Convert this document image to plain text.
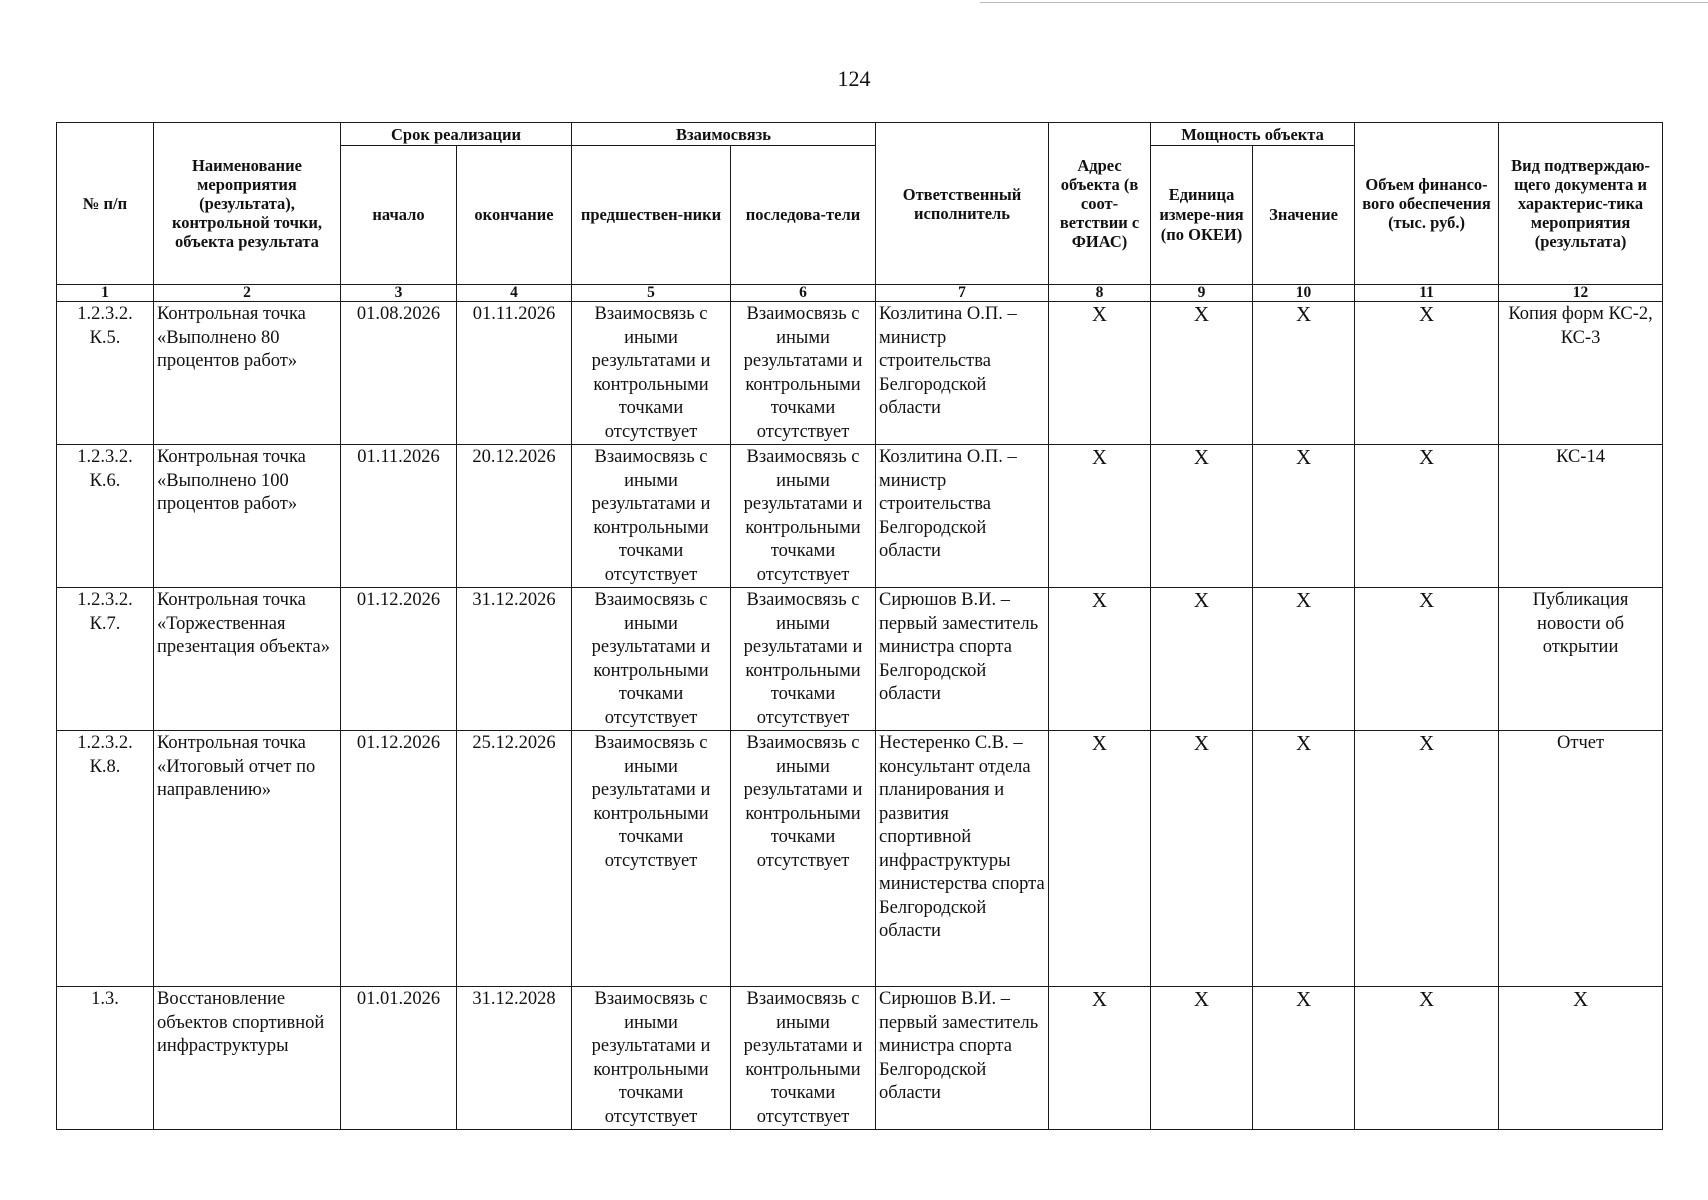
124
№ п/п	Наименование мероприятия (результата), контрольной точки, объекта результата	Срок реализации		Взаимосвязь		Ответственный исполнитель	Адрес объекта (в соот-ветствии с ФИАС)	Мощность объекта		Объем финансо-вого обеспечения (тыс. руб.)	Вид подтверждаю-щего документа и характерис-тика мероприятия (результата)
		начало	окончание	предшествен-ники	последова-тели			Единица измере-ния (по ОКЕИ)	Значение		
1	2	3	4	5	6	7	8	9	10	11	12
1.2.3.2. К.5.	Контрольная точка «Выполнено 80 процентов работ»	01.08.2026	01.11.2026	Взаимосвязь с иными результатами и контрольными точками отсутствует	Взаимосвязь с иными результатами и контрольными точками отсутствует	Козлитина О.П. – министр строительства Белгородской области	X	X	X	X	Копия форм КС-2, КС-3
1.2.3.2. К.6.	Контрольная точка «Выполнено 100 процентов работ»	01.11.2026	20.12.2026	Взаимосвязь с иными результатами и контрольными точками отсутствует	Взаимосвязь с иными результатами и контрольными точками отсутствует	Козлитина О.П. – министр строительства Белгородской области	X	X	X	X	КС-14
1.2.3.2. К.7.	Контрольная точка «Торжественная презентация объекта»	01.12.2026	31.12.2026	Взаимосвязь с иными результатами и контрольными точками отсутствует	Взаимосвязь с иными результатами и контрольными точками отсутствует	Сирюшов В.И. – первый заместитель министра спорта Белгородской области	X	X	X	X	Публикация новости об открытии
1.2.3.2. К.8.	Контрольная точка «Итоговый отчет по направлению»	01.12.2026	25.12.2026	Взаимосвязь с иными результатами и контрольными точками отсутствует	Взаимосвязь с иными результатами и контрольными точками отсутствует	Нестеренко С.В. – консультант отдела планирования и развития спортивной инфраструктуры министерства спорта Белгородской области	X	X	X	X	Отчет
1.3.	Восстановление объектов спортивной инфраструктуры	01.01.2026	31.12.2028	Взаимосвязь с иными результатами и контрольными точками отсутствует	Взаимосвязь с иными результатами и контрольными точками отсутствует	Сирюшов В.И. – первый заместитель министра спорта Белгородской области	X	X	X	X	X
